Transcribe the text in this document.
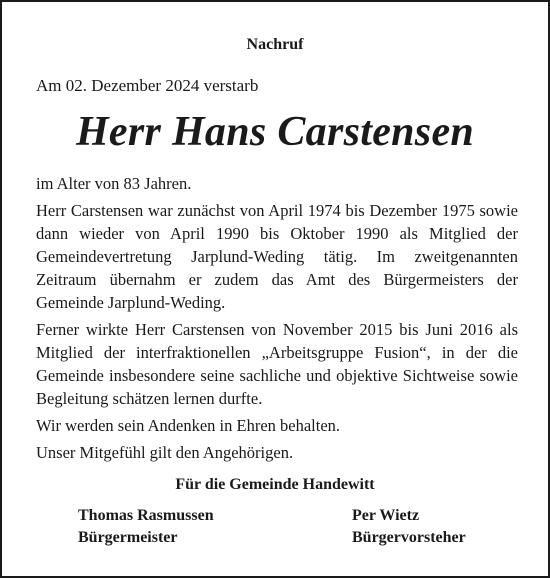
Nachruf
Am 02. Dezember 2024 verstarb
Herr Hans Carstensen

im Alter von 83 Jahren.

Herr Carstensen war zunächst von April 1974 bis Dezember 1975 sowie dann wieder von April 1990 bis Oktober 1990 als Mitglied der Gemeindevertretung Jarplund-Weding tätig. Im zweitgenannten Zeitraum übernahm er zudem das Amt des Bürgermeisters der Gemeinde Jarplund-Weding.

Ferner wirkte Herr Carstensen von November 2015 bis Juni 2016 als Mitglied der interfraktionellen „Arbeitsgruppe Fusion“, in der die Gemeinde insbesondere seine sachliche und objektive Sichtweise sowie Begleitung schätzen lernen durfte.

Wir werden sein Andenken in Ehren behalten.

Unser Mitgefühl gilt den Angehörigen.

Für die Gemeinde Handewitt
Thomas Rasmussen
Bürgermeister
Per Wietz
Bürgervorsteher
